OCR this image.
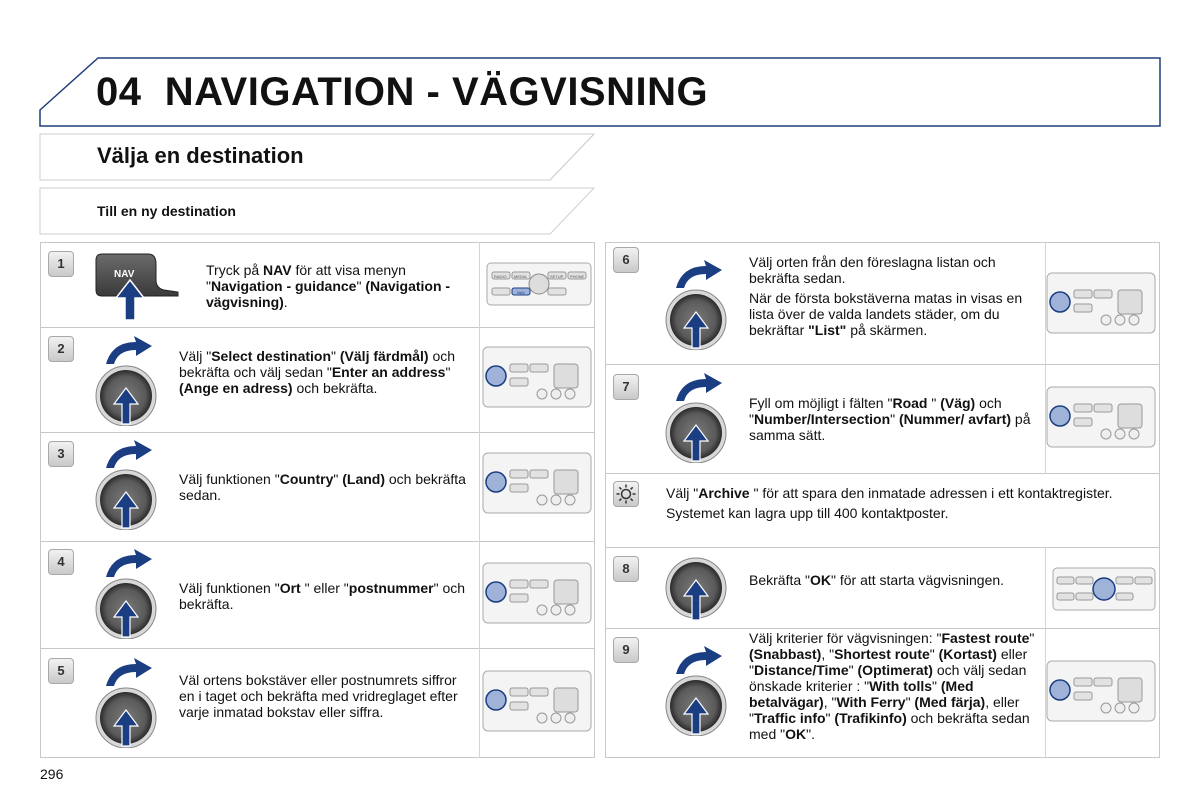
04 NAVIGATION - VÄGVISNING
Välja en destination
Till en ny destination
1
2
3
4
5
6
7
8
9
NAV	RADIO MEDIA	SETUP PHONE
NAV
Tryck på NAV för att visa menyn "Navigation - guidance" (Navigation - vägvisning).
Välj "Select destination" (Välj färdmål) och bekräfta och välj sedan "Enter an address" (Ange en adress) och bekräfta.
Välj funktionen "Country" (Land) och bekräfta sedan.
Välj funktionen "Ort " eller "postnummer" och bekräfta.
Väl ortens bokstäver eller postnumrets siffror en i taget och bekräfta med vridreglaget efter varje inmatad bokstav eller siffra.
Välj orten från den föreslagna listan och bekräfta sedan.
När de första bokstäverna matas in visas en lista över de valda landets städer, om du bekräftar "List" på skärmen.
Fyll om möjligt i fälten "Road " (Väg) och "Number/Intersection" (Nummer/ avfart) på samma sätt.
Välj "Archive " för att spara den inmatade adressen i ett kontaktregister.
Systemet kan lagra upp till 400 kontaktposter.
Bekräfta "OK" för att starta vägvisningen.
Välj kriterier för vägvisningen: "Fastest route" (Snabbast), "Shortest route" (Kortast) eller "Distance/Time" (Optimerat) och välj sedan önskade kriterier : "With tolls" (Med betalvägar), "With Ferry" (Med färja), eller "Traffic info" (Trafikinfo) och bekräfta sedan med "OK".
296
